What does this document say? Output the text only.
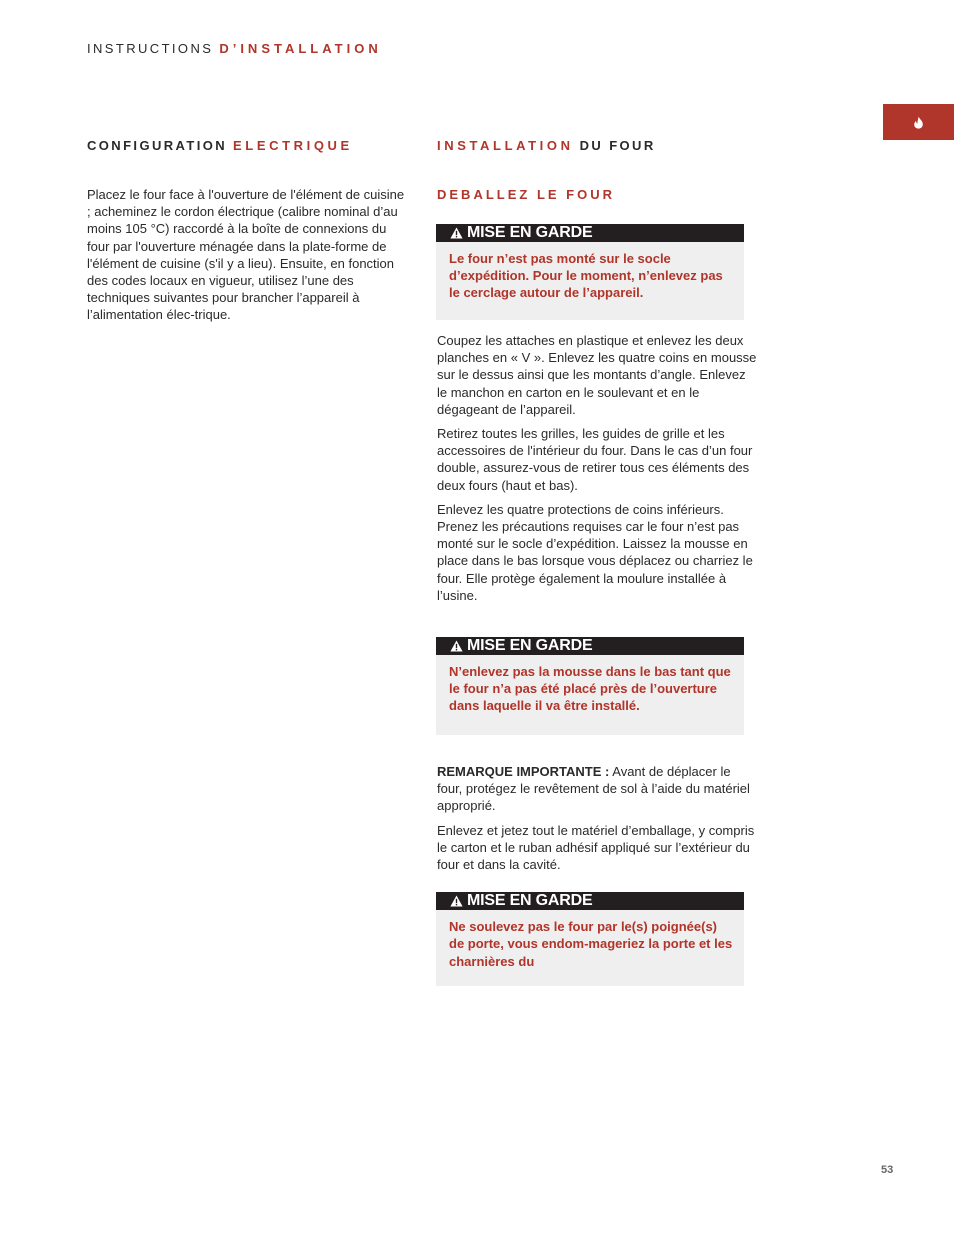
INSTRUCTIONS D’INSTALLATION
CONFIGURATION ELECTRIQUE

Placez le four face à l'ouverture de l'élément de cuisine ; acheminez le cordon électrique (calibre nominal d’au moins 105 °C) raccordé à la boîte de connexions du four par l'ouverture ménagée dans la plate-forme de l'élément de cuisine (s'il y a lieu). Ensuite, en fonction des codes locaux en vigueur, utilisez l’une des techniques suivantes pour brancher l’appareil à l’alimentation élec-trique.

INSTALLATION DU FOUR
DEBALLEZ LE FOUR
MISE EN GARDE
Le four n’est pas monté sur le socle d’expédition. Pour le moment, n’enlevez pas le cerclage autour de l’appareil.

Coupez les attaches en plastique et enlevez les deux planches en « V ». Enlevez les quatre coins en mousse sur le dessus ainsi que les montants d’angle. Enlevez le manchon en carton en le soulevant et en le dégageant de l’appareil.

Retirez toutes les grilles, les guides de grille et les accessoires de l'intérieur du four. Dans le cas d’un four double, assurez-vous de retirer tous ces éléments des deux fours (haut et bas).

Enlevez les quatre protections de coins inférieurs. Prenez les précautions requises car le four n’est pas monté sur le socle d’expédition. Laissez la mousse en place dans le bas lorsque vous déplacez ou charriez le four. Elle protège également la moulure installée à l’usine.

MISE EN GARDE
N’enlevez pas la mousse dans le bas tant que le four n’a pas été placé près de l’ouverture dans laquelle il va être installé.

REMARQUE IMPORTANTE : Avant de déplacer le four, protégez le revêtement de sol à l’aide du matériel approprié.

Enlevez et jetez tout le matériel d’emballage, y compris le carton et le ruban adhésif appliqué sur l’extérieur du four et dans la cavité.

MISE EN GARDE
Ne soulevez pas le four par le(s) poignée(s) de porte, vous endom-mageriez la porte et les charnières du
53
